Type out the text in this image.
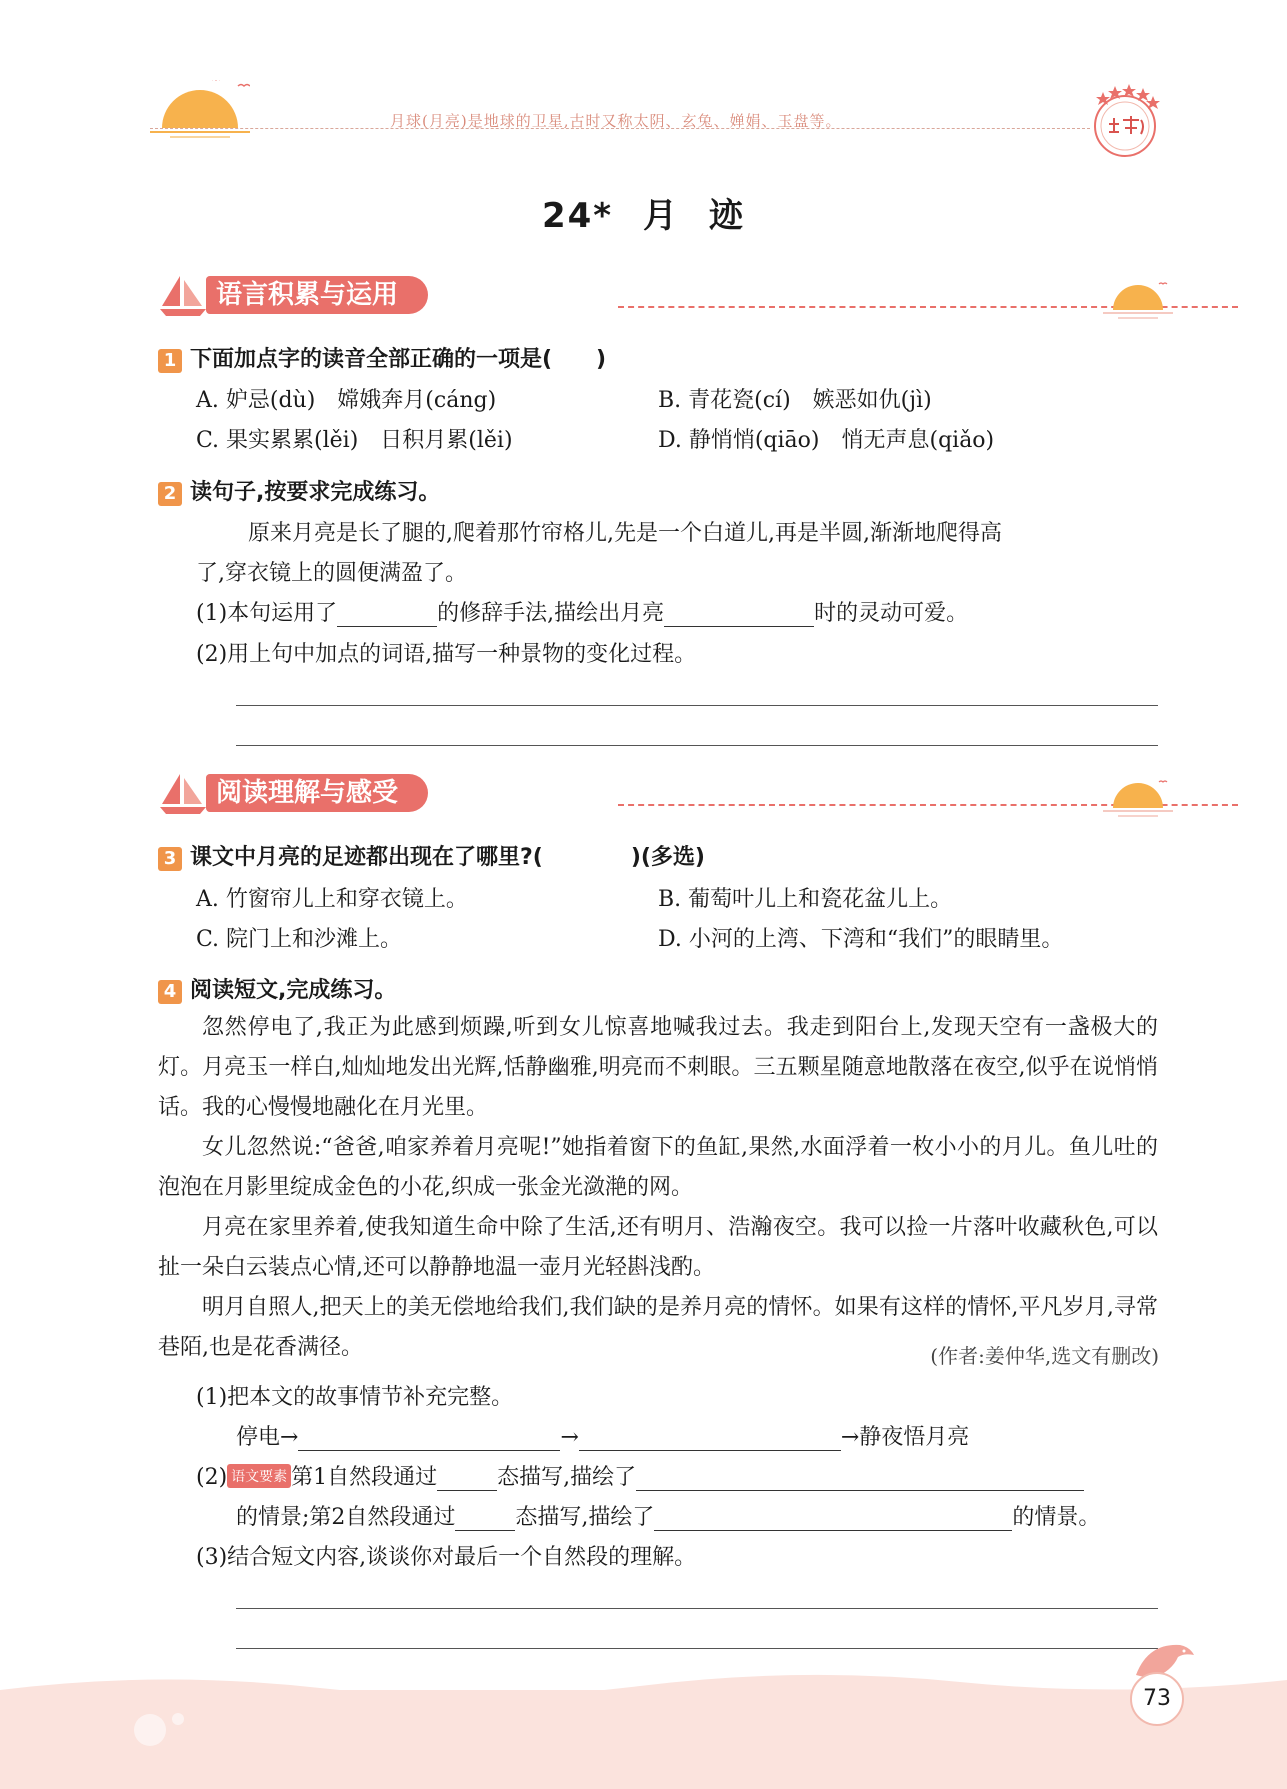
月球(月亮)是地球的卫星,古时又称太阴、玄兔、婵娟、玉盘等。
24* 月 迹
语言积累与运用
1 下面加点字的读音全部正确的一项是(　　)
A. 妒忌(dù)　嫦娥奔月(cáng)	B. 青花瓷(cí)　嫉恶如仇(jì)
C. 果实累累(lěi)　日积月累(lěi)	D. 静悄悄(qiāo)　悄无声息(qiǎo)
2 读句子,按要求完成练习。
原来月亮是长了腿的,爬着那竹帘格儿,先是一个白道儿,再是半圆,渐渐地爬得高
了,穿衣镜上的圆便满盈了。
(1)本句运用了	的修辞手法,描绘出月亮	时的灵动可爱。
(2)用上句中加点的词语,描写一种景物的变化过程。
阅读理解与感受
3 课文中月亮的足迹都出现在了哪里?(　　　　)(多选)
A. 竹窗帘儿上和穿衣镜上。	B. 葡萄叶儿上和瓷花盆儿上。
C. 院门上和沙滩上。	D. 小河的上湾、下湾和“我们”的眼睛里。
4 阅读短文,完成练习。

忽然停电了,我正为此感到烦躁,听到女儿惊喜地喊我过去。我走到阳台上,发现天空有一盏极大的灯。月亮玉一样白,灿灿地发出光辉,恬静幽雅,明亮而不刺眼。三五颗星随意地散落在夜空,似乎在说悄悄话。我的心慢慢地融化在月光里。

女儿忽然说:“爸爸,咱家养着月亮呢!”她指着窗下的鱼缸,果然,水面浮着一枚小小的月儿。鱼儿吐的泡泡在月影里绽成金色的小花,织成一张金光潋滟的网。

月亮在家里养着,使我知道生命中除了生活,还有明月、浩瀚夜空。我可以捡一片落叶收藏秋色,可以扯一朵白云装点心情,还可以静静地温一壶月光轻斟浅酌。

明月自照人,把天上的美无偿地给我们,我们缺的是养月亮的情怀。如果有这样的情怀,平凡岁月,寻常巷陌,也是花香满径。	(作者:姜仲华,选文有删改)
(1)把本文的故事情节补充完整。
停电→	→	→静夜悟月亮
(2) 语文要素 第1自然段通过	态描写,描绘了
的情景;第2自然段通过	态描写,描绘了	的情景。
(3)结合短文内容,谈谈你对最后一个自然段的理解。
73
